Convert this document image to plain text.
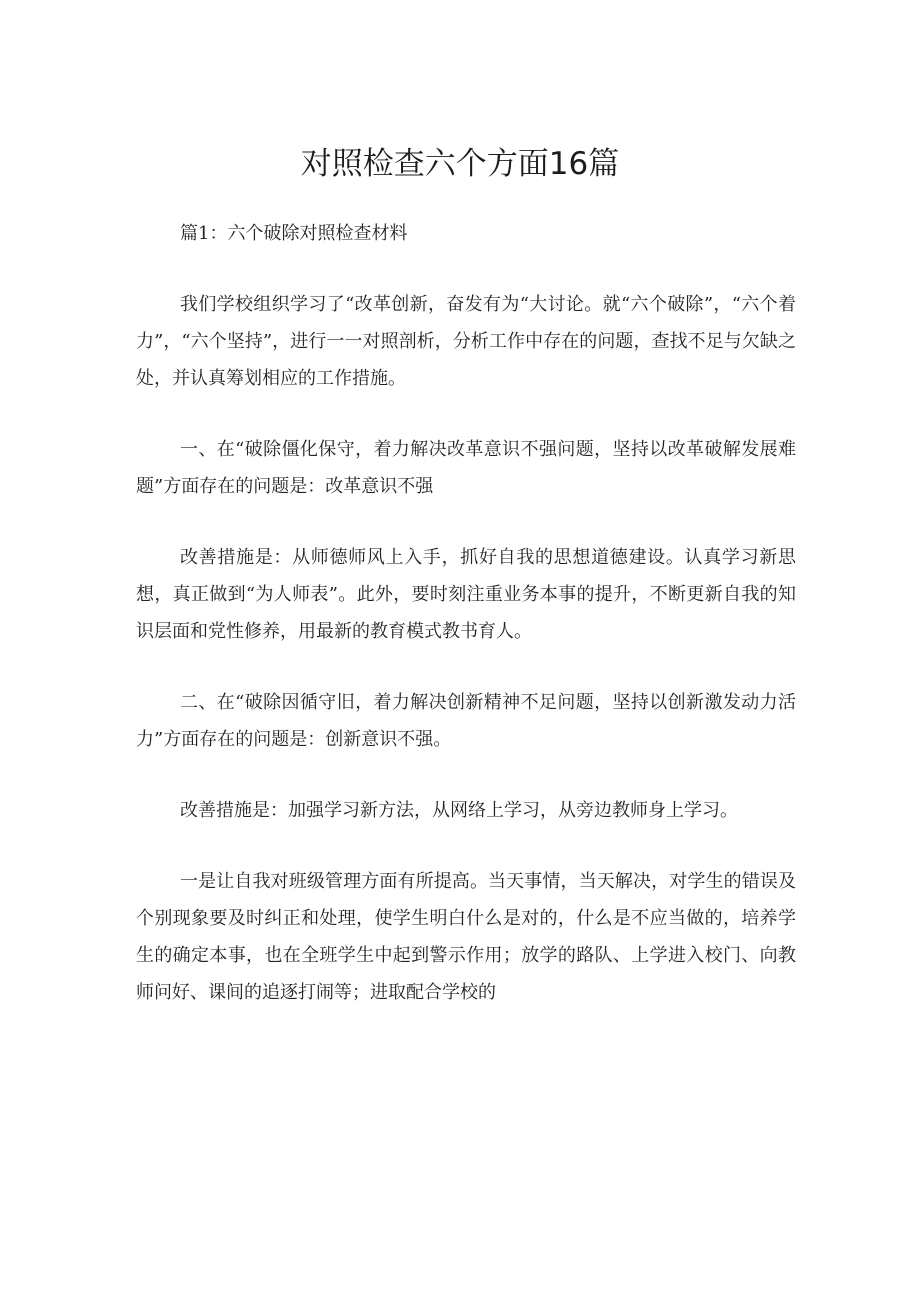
对照检查六个方面16篇

篇1：六个破除对照检查材料

我们学校组织学习了“改革创新，奋发有为“大讨论。就“六个破除”，“六个着力”，“六个坚持”，进行一一对照剖析，分析工作中存在的问题，查找不足与欠缺之处，并认真筹划相应的工作措施。

一、在“破除僵化保守，着力解决改革意识不强问题，坚持以改革破解发展难题”方面存在的问题是：改革意识不强

改善措施是：从师德师风上入手，抓好自我的思想道德建设。认真学习新思想，真正做到“为人师表”。此外，要时刻注重业务本事的提升，不断更新自我的知识层面和党性修养，用最新的教育模式教书育人。

二、在“破除因循守旧，着力解决创新精神不足问题，坚持以创新激发动力活力”方面存在的问题是：创新意识不强。

改善措施是：加强学习新方法，从网络上学习，从旁边教师身上学习。

一是让自我对班级管理方面有所提高。当天事情，当天解决，对学生的错误及个别现象要及时纠正和处理，使学生明白什么是对的，什么是不应当做的，培养学生的确定本事，也在全班学生中起到警示作用；放学的路队、上学进入校门、向教师问好、课间的追逐打闹等；进取配合学校的
